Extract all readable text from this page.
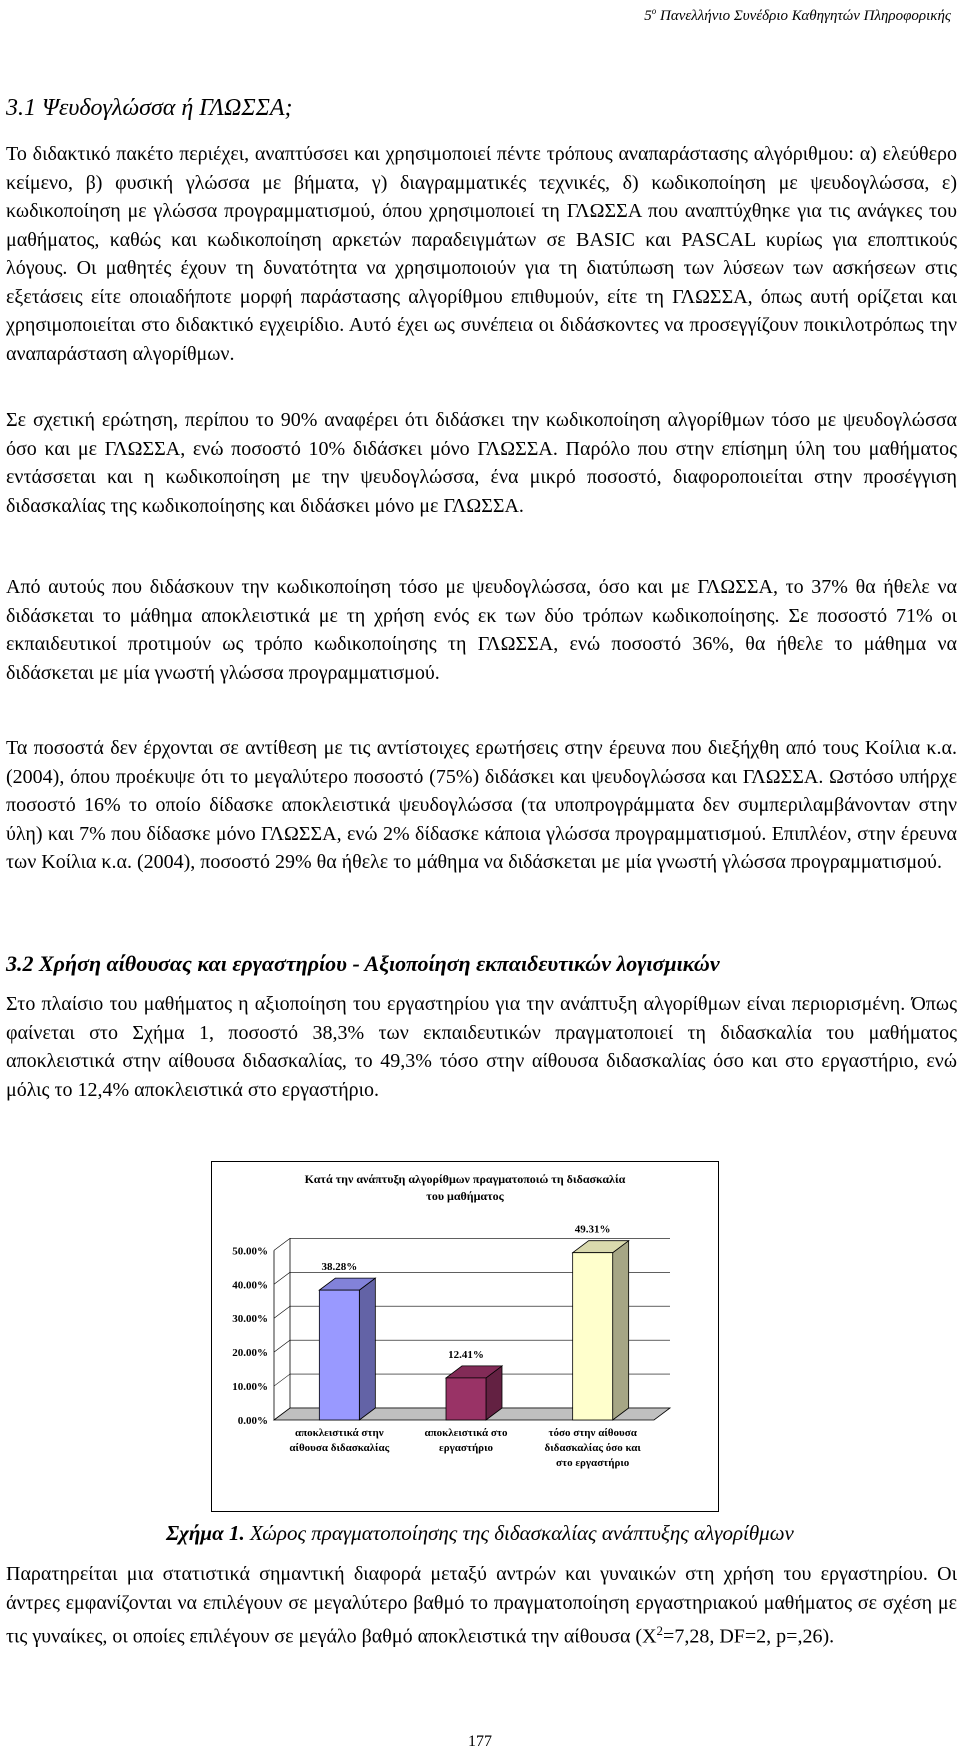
$5^o$ Πανελλήνιο Συνέδριο Καθηγητών Πληροφορικής
3.1 Ψευδογλώσσα ή ΓΛΩΣΣΑ;

Το διδακτικό πακέτο περιέχει, αναπτύσσει και χρησιμοποιεί πέντε τρόπους αναπαράστασης αλγόριθμου: α) ελεύθερο κείμενο, β) φυσική γλώσσα με βήματα, γ) διαγραμματικές τεχνικές, δ) κωδικοποίηση με ψευδογλώσσα, ε) κωδικοποίηση με γλώσσα προγραμματισμού, όπου χρησιμοποιεί τη ΓΛΩΣΣΑ που αναπτύχθηκε για τις ανάγκες του μαθήματος, καθώς και κωδικοποίηση αρκετών παραδειγμάτων σε BASIC και PASCAL κυρίως για εποπτικούς λόγους. Οι μαθητές έχουν τη δυνατότητα να χρησιμοποιούν για τη διατύπωση των λύσεων των ασκήσεων στις εξετάσεις είτε οποιαδήποτε μορφή παράστασης αλγορίθμου επιθυμούν, είτε τη ΓΛΩΣΣΑ, όπως αυτή ορίζεται και χρησιμοποιείται στο διδακτικό εγχειρίδιο. Αυτό έχει ως συνέπεια οι διδάσκοντες να προσεγγίζουν ποικιλοτρόπως την αναπαράσταση αλγορίθμων.

Σε σχετική ερώτηση, περίπου το 90% αναφέρει ότι διδάσκει την κωδικοποίηση αλγορίθμων τόσο με ψευδογλώσσα όσο και με ΓΛΩΣΣΑ, ενώ ποσοστό 10% διδάσκει μόνο ΓΛΩΣΣΑ. Παρόλο που στην επίσημη ύλη του μαθήματος εντάσσεται και η κωδικοποίηση με την ψευδογλώσσα, ένα μικρό ποσοστό, διαφοροποιείται στην προσέγγιση διδασκαλίας της κωδικοποίησης και διδάσκει μόνο με ΓΛΩΣΣΑ.

Από αυτούς που διδάσκουν την κωδικοποίηση τόσο με ψευδογλώσσα, όσο και με ΓΛΩΣΣΑ, το 37% θα ήθελε να διδάσκεται το μάθημα αποκλειστικά με τη χρήση ενός εκ των δύο τρόπων κωδικοποίησης. Σε ποσοστό 71% οι εκπαιδευτικοί προτιμούν ως τρόπο κωδικοποίησης τη ΓΛΩΣΣΑ, ενώ ποσοστό 36%, θα ήθελε το μάθημα να διδάσκεται με μία γνωστή γλώσσα προγραμματισμού.

Τα ποσοστά δεν έρχονται σε αντίθεση με τις αντίστοιχες ερωτήσεις στην έρευνα που διεξήχθη από τους Κοίλια κ.α. (2004), όπου προέκυψε ότι το μεγαλύτερο ποσοστό (75%) διδάσκει και ψευδογλώσσα και ΓΛΩΣΣΑ. Ωστόσο υπήρχε ποσοστό 16% το οποίο δίδασκε αποκλειστικά ψευδογλώσσα (τα υποπρογράμματα δεν συμπεριλαμβάνονταν στην ύλη) και 7% που δίδασκε μόνο ΓΛΩΣΣΑ, ενώ 2% δίδασκε κάποια γλώσσα προγραμματισμού. Επιπλέον, στην έρευνα των Κοίλια κ.α. (2004), ποσοστό 29% θα ήθελε το μάθημα να διδάσκεται με μία γνωστή γλώσσα προγραμματισμού.

3.2 Χρήση αίθουσας και εργαστηρίου - Αξιοποίηση εκπαιδευτικών λογισμικών

Στο πλαίσιο του μαθήματος η αξιοποίηση του εργαστηρίου για την ανάπτυξη αλγορίθμων είναι περιορισμένη. Όπως φαίνεται στο Σχήμα 1, ποσοστό 38,3% των εκπαιδευτικών πραγματοποιεί τη διδασκαλία του μαθήματος αποκλειστικά στην αίθουσα διδασκαλίας, το 49,3% τόσο στην αίθουσα διδασκαλίας όσο και στο εργαστήριο, ενώ μόλις το 12,4% αποκλειστικά στο εργαστήριο.

Κατά την ανάπτυξη αλγορίθμων πραγματοποιώ τη διδασκαλία
του μαθήματος
0.00%
10.00%
20.00%
30.00%
40.00%
50.00%
38.28%
αποκλειστικά στην
αίθουσα διδασκαλίας
12.41%
αποκλειστικά στο
εργαστήριο
49.31%
τόσο στην αίθουσα
διδασκαλίας όσο και
στο εργαστήριο
Σχήμα 1. Χώρος πραγματοποίησης της διδασκαλίας ανάπτυξης αλγορίθμων

Παρατηρείται μια στατιστικά σημαντική διαφορά μεταξύ αντρών και γυναικών στη χρήση του εργαστηρίου. Οι άντρες εμφανίζονται να επιλέγουν σε μεγαλύτερο βαθμό το πραγματοποίηση εργαστηριακού μαθήματος σε σχέση με τις γυναίκες, οι οποίες επιλέγουν σε μεγάλο βαθμό αποκλειστικά την αίθουσα ($X^2=7,28$, DF=2, p=,26).

177
